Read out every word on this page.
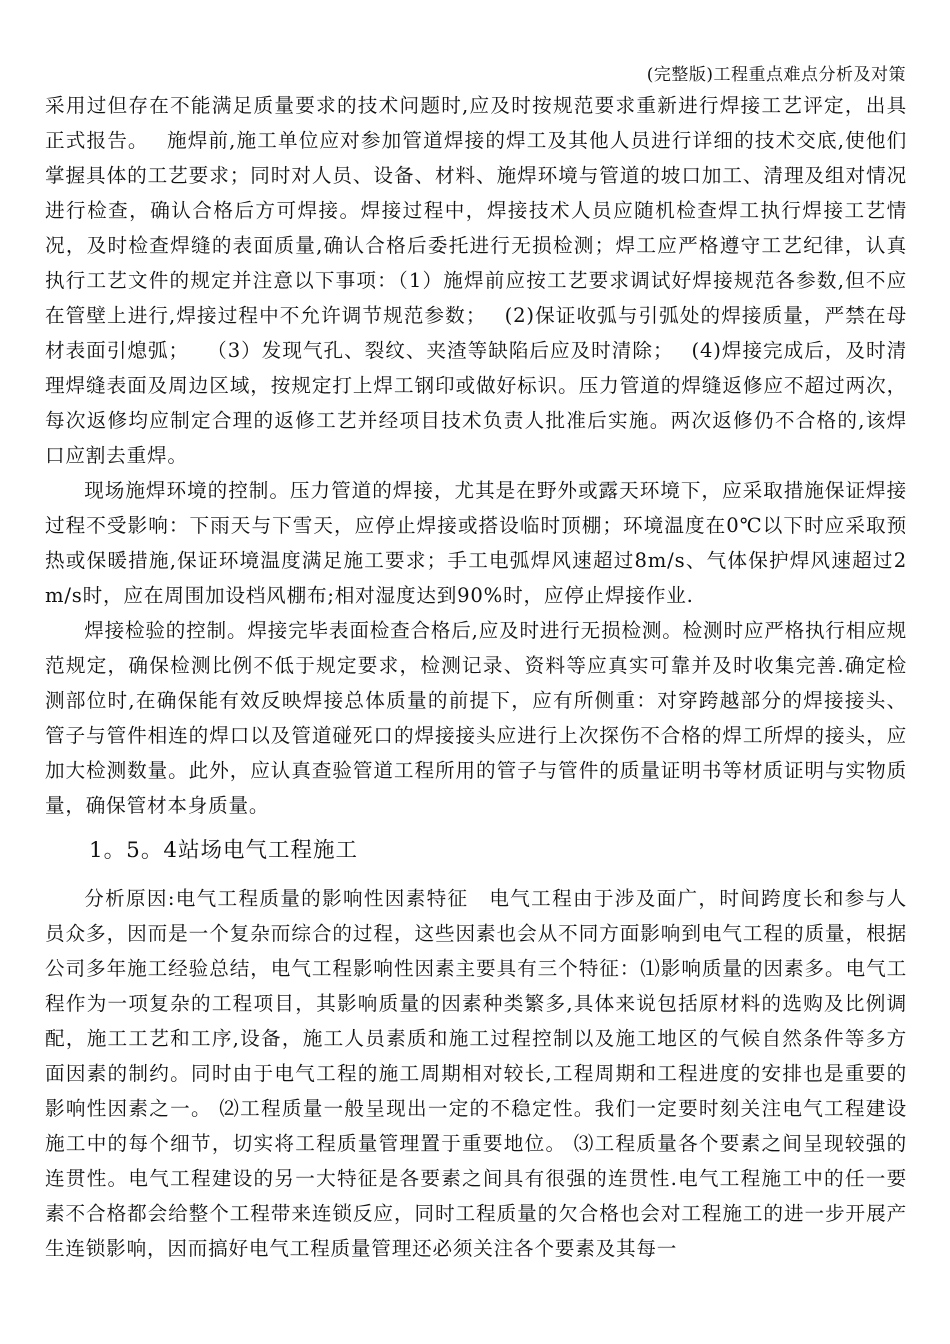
(完整版)工程重点难点分析及对策

采用过但存在不能满足质量要求的技术问题时,应及时按规范要求重新进行焊接工艺评定，出具正式报告。　 施焊前,施工单位应对参加管道焊接的焊工及其他人员进行详细的技术交底,使他们掌握具体的工艺要求；同时对人员、设备、材料、施焊环境与管道的坡口加工、清理及组对情况进行检查，确认合格后方可焊接。焊接过程中，焊接技术人员应随机检查焊工执行焊接工艺情况，及时检查焊缝的表面质量,确认合格后委托进行无损检测；焊工应严格遵守工艺纪律，认真执行工艺文件的规定并注意以下事项：（1）施焊前应按工艺要求调试好焊接规范各参数,但不应在管壁上进行,焊接过程中不允许调节规范参数；　 (2)保证收弧与引弧处的焊接质量，严禁在母材表面引熄弧；　 （3）发现气孔、裂纹、夹渣等缺陷后应及时清除；　 (4)焊接完成后，及时清理焊缝表面及周边区域，按规定打上焊工钢印或做好标识。压力管道的焊缝返修应不超过两次，每次返修均应制定合理的返修工艺并经项目技术负责人批准后实施。两次返修仍不合格的,该焊口应割去重焊。

现场施焊环境的控制。压力管道的焊接，尤其是在野外或露天环境下，应采取措施保证焊接过程不受影响：下雨天与下雪天，应停止焊接或搭设临时顶棚；环境温度在0℃以下时应采取预热或保暖措施,保证环境温度满足施工要求；手工电弧焊风速超过8m/s、气体保护焊风速超过2m/s时，应在周围加设档风棚布;相对湿度达到90%时，应停止焊接作业.

焊接检验的控制。焊接完毕表面检查合格后,应及时进行无损检测。检测时应严格执行相应规范规定，确保检测比例不低于规定要求，检测记录、资料等应真实可靠并及时收集完善.确定检测部位时,在确保能有效反映焊接总体质量的前提下，应有所侧重：对穿跨越部分的焊接接头、管子与管件相连的焊口以及管道碰死口的焊接接头应进行上次探伤不合格的焊工所焊的接头，应加大检测数量。此外，应认真查验管道工程所用的管子与管件的质量证明书等材质证明与实物质量，确保管材本身质量。

1。5。4站场电气工程施工

分析原因:电气工程质量的影响性因素特征　电气工程由于涉及面广，时间跨度长和参与人员众多，因而是一个复杂而综合的过程，这些因素也会从不同方面影响到电气工程的质量，根据公司多年施工经验总结，电气工程影响性因素主要具有三个特征：⑴影响质量的因素多。电气工程作为一项复杂的工程项目，其影响质量的因素种类繁多,具体来说包括原材料的选购及比例调配，施工工艺和工序,设备，施工人员素质和施工过程控制以及施工地区的气候自然条件等多方面因素的制约。同时由于电气工程的施工周期相对较长,工程周期和工程进度的安排也是重要的影响性因素之一。 ⑵工程质量一般呈现出一定的不稳定性。我们一定要时刻关注电气工程建设施工中的每个细节，切实将工程质量管理置于重要地位。 ⑶工程质量各个要素之间呈现较强的连贯性。电气工程建设的另一大特征是各要素之间具有很强的连贯性.电气工程施工中的任一要素不合格都会给整个工程带来连锁反应，同时工程质量的欠合格也会对工程施工的进一步开展产生连锁影响，因而搞好电气工程质量管理还必须关注各个要素及其每一
